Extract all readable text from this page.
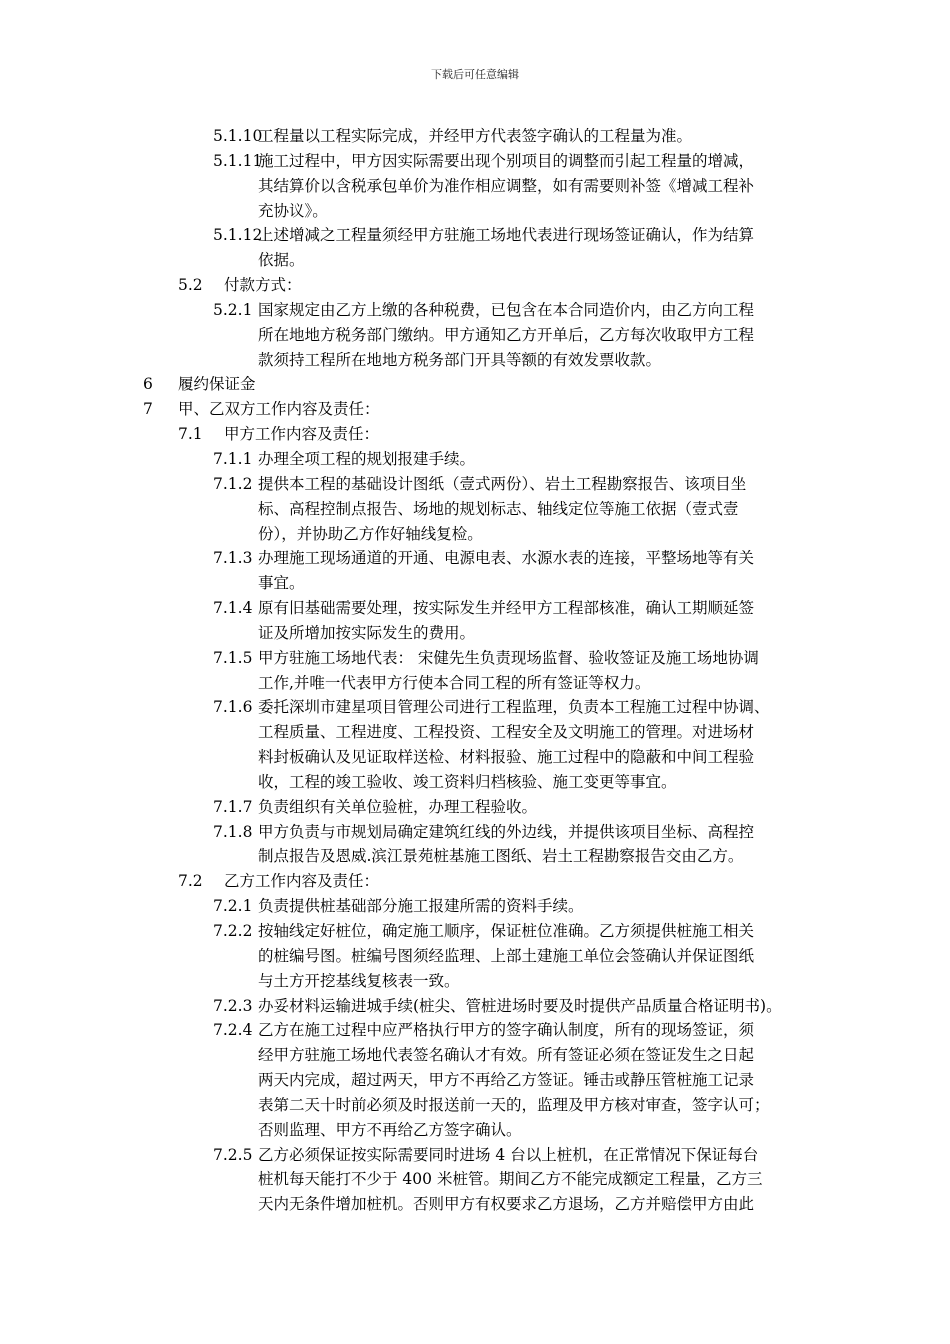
下载后可任意编辑
5.1.10
工程量以工程实际完成，并经甲方代表签字确认的工程量为准。
5.1.11
施工过程中，甲方因实际需要出现个别项目的调整而引起工程量的增减，
其结算价以含税承包单价为准作相应调整，如有需要则补签《增减工程补
充协议》。
5.1.12
上述增减之工程量须经甲方驻施工场地代表进行现场签证确认，作为结算
依据。
5.2 付款方式：
5.2.1 国家规定由乙方上缴的各种税费，已包含在本合同造价内，由乙方向工程
所在地地方税务部门缴纳。甲方通知乙方开单后，乙方每次收取甲方工程
款须持工程所在地地方税务部门开具等额的有效发票收款。
6 履约保证金
7 甲、乙双方工作内容及责任：
7.1 甲方工作内容及责任：
7.1.1 办理全项工程的规划报建手续。
7.1.2 提供本工程的基础设计图纸（壹式两份）、岩土工程勘察报告、该项目坐
标、高程控制点报告、场地的规划标志、轴线定位等施工依据（壹式壹
份），并协助乙方作好轴线复检。
7.1.3 办理施工现场通道的开通、电源电表、水源水表的连接，平整场地等有关
事宜。
7.1.4 原有旧基础需要处理，按实际发生并经甲方工程部核准，确认工期顺延签
证及所增加按实际发生的费用。
7.1.5 甲方驻施工场地代表： 宋健先生负责现场监督、验收签证及施工场地协调
工作,并唯一代表甲方行使本合同工程的所有签证等权力。
7.1.6 委托深圳市建星项目管理公司进行工程监理，负责本工程施工过程中协调、
工程质量、工程进度、工程投资、工程安全及文明施工的管理。对进场材
料封板确认及见证取样送检、材料报验、施工过程中的隐蔽和中间工程验
收，工程的竣工验收、竣工资料归档核验、施工变更等事宜。
7.1.7 负责组织有关单位验桩，办理工程验收。
7.1.8 甲方负责与市规划局确定建筑红线的外边线，并提供该项目坐标、高程控
制点报告及恩威.滨江景苑桩基施工图纸、岩土工程勘察报告交由乙方。
7.2 乙方工作内容及责任：
7.2.1 负责提供桩基础部分施工报建所需的资料手续。
7.2.2 按轴线定好桩位，确定施工顺序，保证桩位准确。乙方须提供桩施工相关
的桩编号图。桩编号图须经监理、上部土建施工单位会签确认并保证图纸
与土方开挖基线复核表一致。
7.2.3 办妥材料运输进城手续(桩尖、管桩进场时要及时提供产品质量合格证明书)。
7.2.4 乙方在施工过程中应严格执行甲方的签字确认制度，所有的现场签证，须
经甲方驻施工场地代表签名确认才有效。所有签证必须在签证发生之日起
两天内完成，超过两天，甲方不再给乙方签证。锤击或静压管桩施工记录
表第二天十时前必须及时报送前一天的，监理及甲方核对审查，签字认可；
否则监理、甲方不再给乙方签字确认。
7.2.5 乙方必须保证按实际需要同时进场 4 台以上桩机，在正常情况下保证每台
桩机每天能打不少于 400 米桩管。期间乙方不能完成额定工程量，乙方三
天内无条件增加桩机。否则甲方有权要求乙方退场，乙方并赔偿甲方由此
